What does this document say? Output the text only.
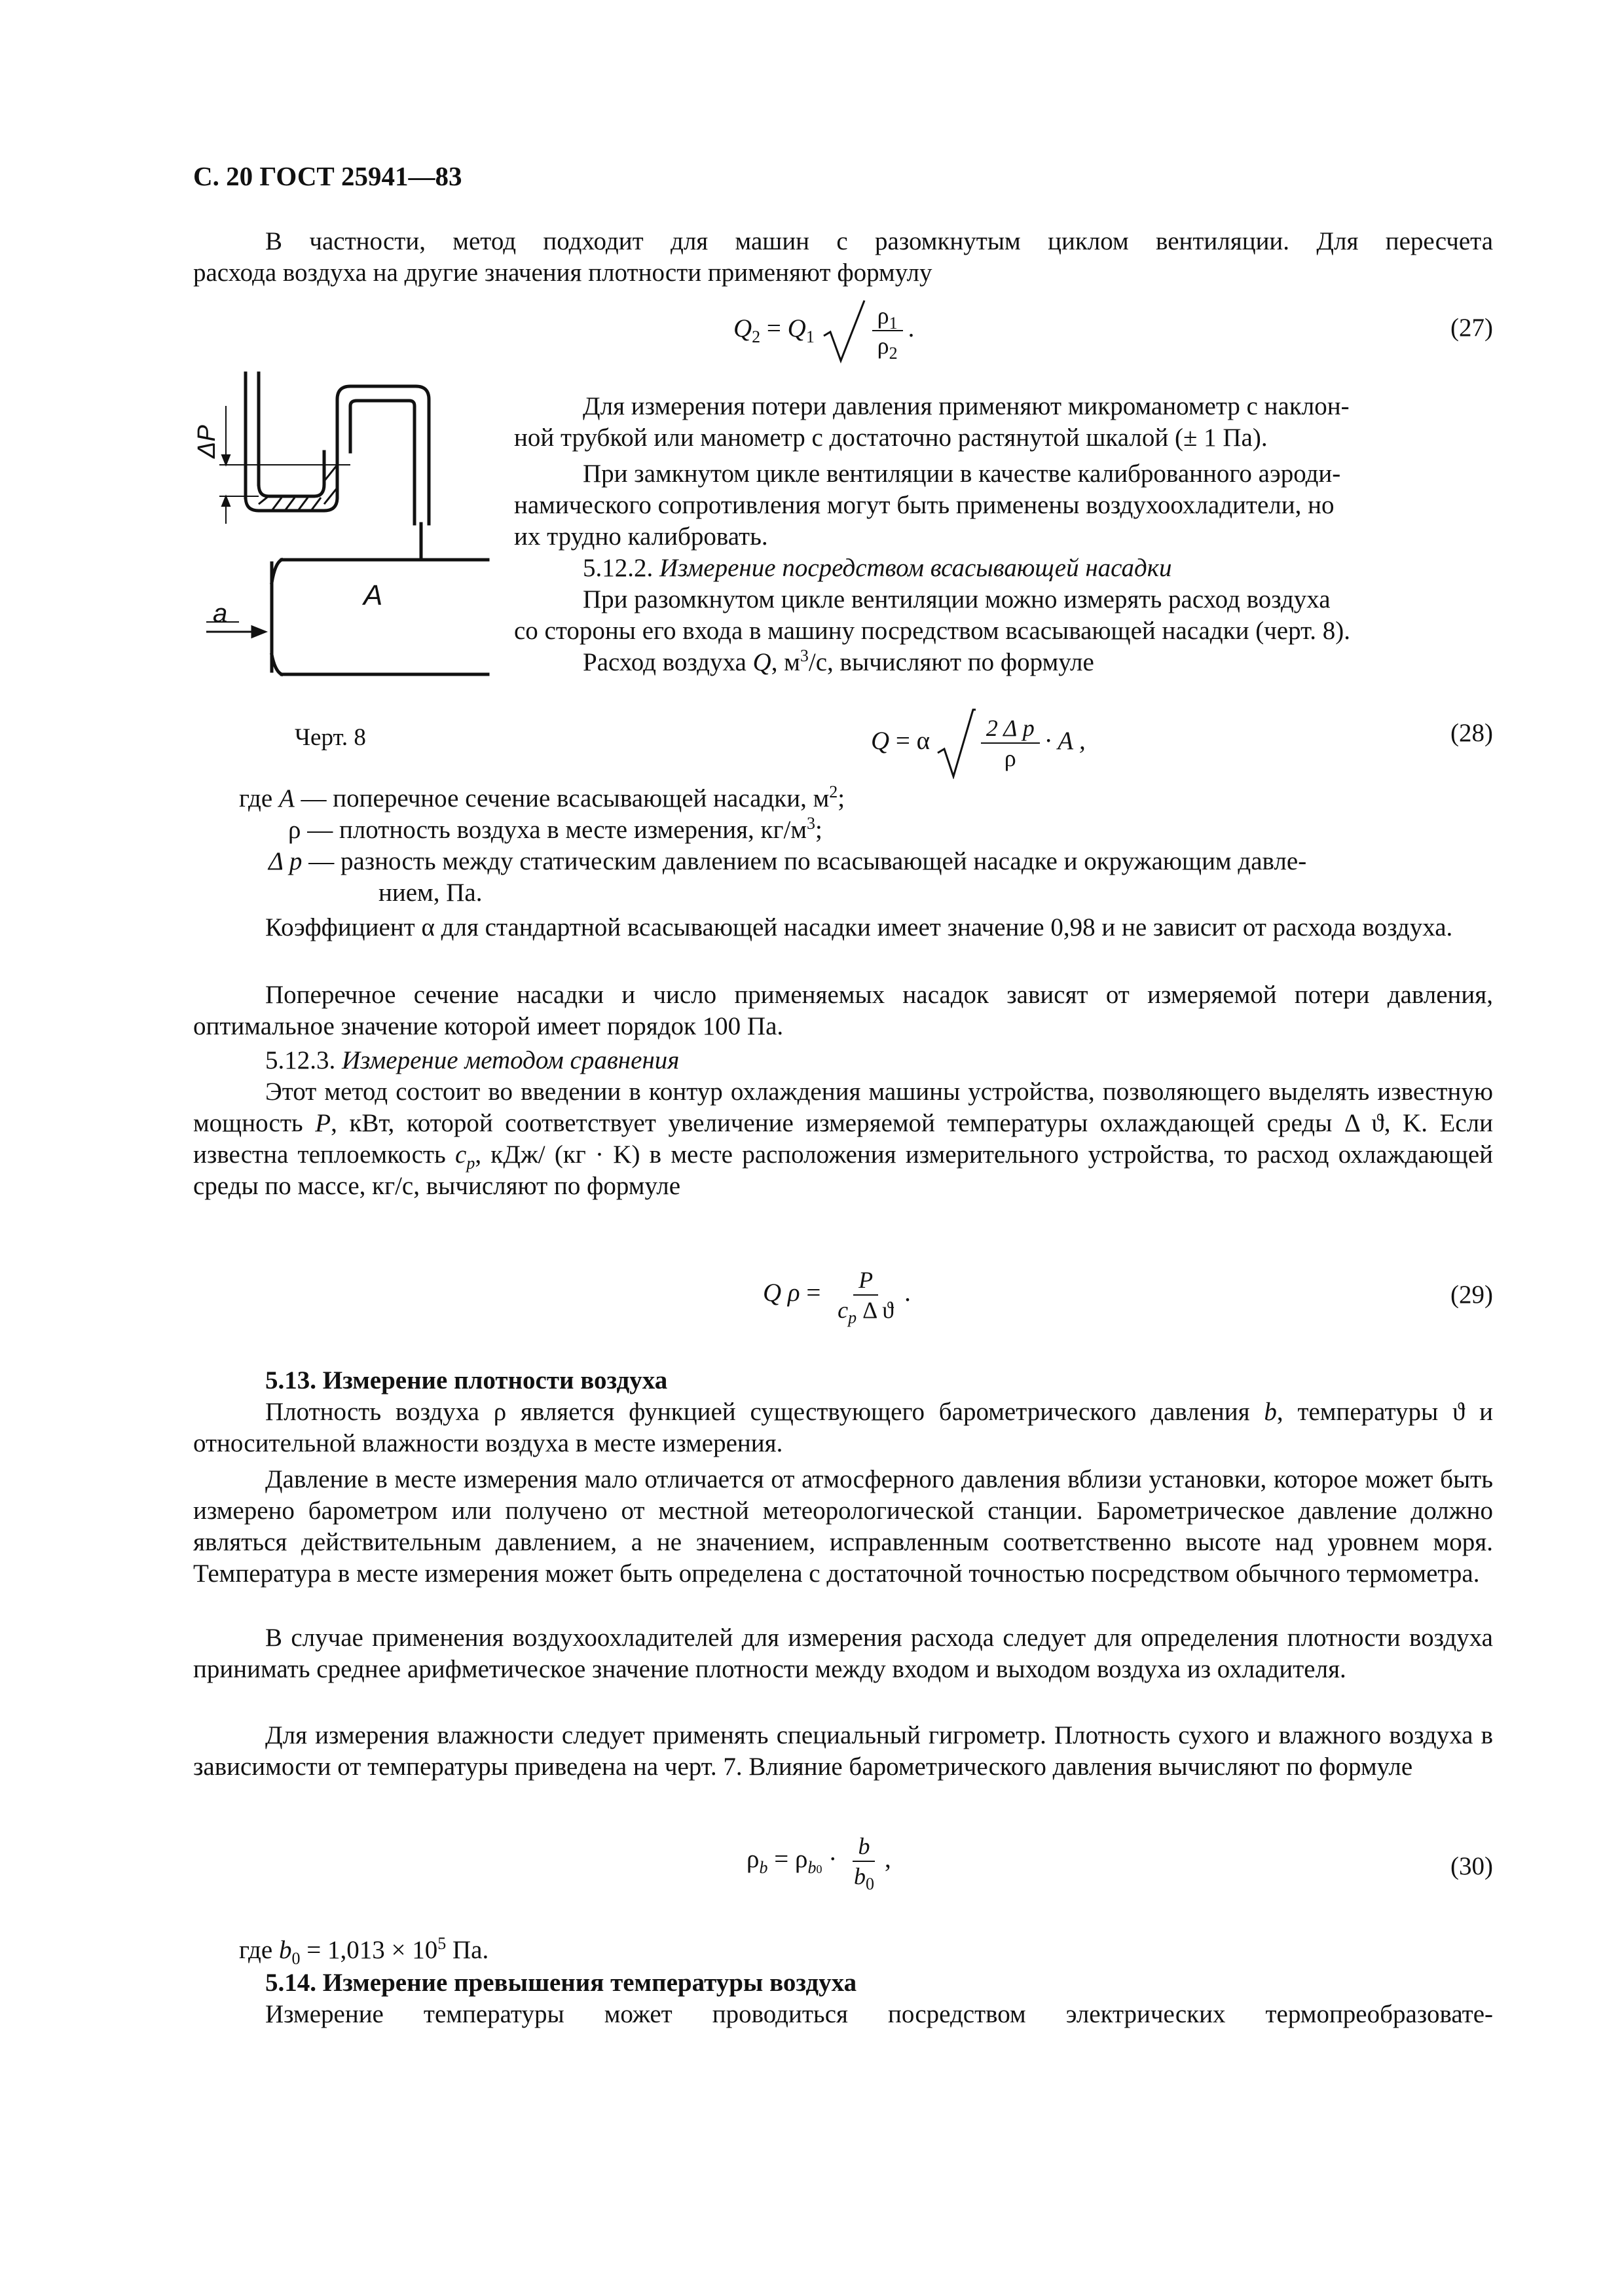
С. 20 ГОСТ 25941—83
В частности, метод подходит для машин с разомкнутым циклом вентиляции. Для пересчета
расхода воздуха на другие значения плотности применяют формулу
$Q_2 = Q_1 \frac{\rho_1}{\rho_2}$ .	(27)
ΔP
a
A
Черт. 8
Для измерения потери давления применяют микроманометр с наклон-
ной трубкой или манометр с достаточно растянутой шкалой (± 1 Па).
При замкнутом цикле вентиляции в качестве калиброванного аэроди-
намического сопротивления могут быть применены воздухоохладители, но
их трудно калибровать.
5.12.2. Измерение посредством всасывающей насадки
При разомкнутом цикле вентиляции можно измерять расход воздуха
со стороны его входа в машину посредством всасывающей насадки (черт. 8).
Расход воздуха Q, $м^3/с$, вычисляют по формуле
Q = α $\frac{\text{2 Δ p}}{\rho} \cdot A$ ,	(28)
где A — поперечное сечение всасывающей насадки, $м^2$;
ρ — плотность воздуха в месте измерения, $кг/м^3$;
Δ p — разность между статическим давлением по всасывающей насадке и окружающим давле-
нием, Па.
Коэффициент α для стандартной всасывающей насадки имеет значение 0,98 и не зависит от расхода воздуха.
Поперечное сечение насадки и число применяемых насадок зависят от измеряемой потери давления, оптимальное значение которой имеет порядок 100 Па.
5.12.3. Измерение методом сравнения
Этот метод состоит во введении в контур охлаждения машины устройства, позволяющего выделять известную мощность P, кВт, которой соответствует увеличение измеряемой температуры охлаждающей среды Δ ϑ, K. Если известна теплоемкость $c_p$, кДж/ (кг · K) в месте расположения измерительного устройства, то расход охлаждающей среды по массе, кг/с, вычисляют по формуле
Q $\rho = \frac{P}{c_p \Delta ϑ}$ .	(29)
5.13. Измерение плотности воздуха
Плотность воздуха ρ является функцией существующего барометрического давления b, температуры ϑ и относительной влажности воздуха в месте измерения.
Давление в месте измерения мало отличается от атмосферного давления вблизи установки, которое может быть измерено барометром или получено от местной метеорологической станции. Барометрическое давление должно являться действительным давлением, а не значением, исправленным соответственно высоте над уровнем моря. Температура в месте измерения может быть определена с достаточной точностью посредством обычного термометра.
В случае применения воздухоохладителей для измерения расхода следует для определения плотности воздуха принимать среднее арифметическое значение плотности между входом и выходом воздуха из охладителя.
Для измерения влажности следует применять специальный гигрометр. Плотность сухого и влажного воздуха в зависимости от температуры приведена на черт. 7. Влияние барометрического давления вычисляют по формуле
$\rho_b = \rho_{b0} \cdot \frac{b}{b_0}$ ,	(30)
где $b_0 = 1,013 \times 10^5$ Па.
5.14. Измерение превышения температуры воздуха
Измерение температуры может проводиться посредством электрических термопреобразовате-
